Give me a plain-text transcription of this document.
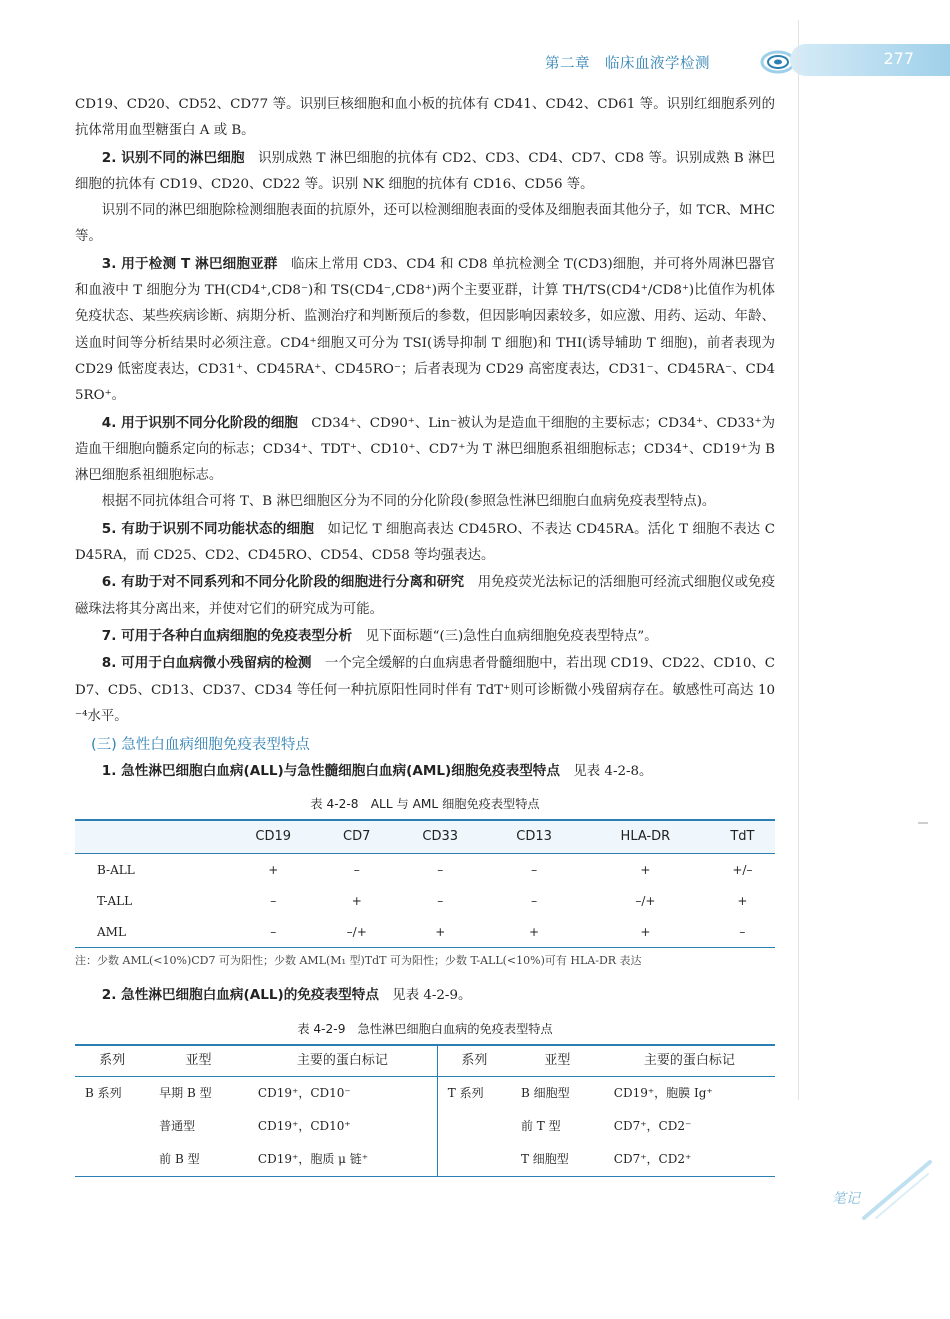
第二章　临床血液学检测	277

CD19、CD20、CD52、CD77 等。识别巨核细胞和血小板的抗体有 CD41、CD42、CD61 等。识别红细胞系列的抗体常用血型糖蛋白 A 或 B。

2. 识别不同的淋巴细胞　识别成熟 T 淋巴细胞的抗体有 CD2、CD3、CD4、CD7、CD8 等。识别成熟 B 淋巴细胞的抗体有 CD19、CD20、CD22 等。识别 NK 细胞的抗体有 CD16、CD56 等。

识别不同的淋巴细胞除检测细胞表面的抗原外，还可以检测细胞表面的受体及细胞表面其他分子，如 TCR、MHC 等。

3. 用于检测 T 淋巴细胞亚群　临床上常用 CD3、CD4 和 CD8 单抗检测全 T(CD3)细胞，并可将外周淋巴器官和血液中 T 细胞分为 TH(CD4⁺,CD8⁻)和 TS(CD4⁻,CD8⁺)两个主要亚群，计算 TH/TS(CD4⁺/CD8⁺)比值作为机体免疫状态、某些疾病诊断、病期分析、监测治疗和判断预后的参数，但因影响因素较多，如应激、用药、运动、年龄、送血时间等分析结果时必须注意。CD4⁺细胞又可分为 TSI(诱导抑制 T 细胞)和 THI(诱导辅助 T 细胞)，前者表现为 CD29 低密度表达，CD31⁺、CD45RA⁺、CD45RO⁻；后者表现为 CD29 高密度表达，CD31⁻、CD45RA⁻、CD45RO⁺。

4. 用于识别不同分化阶段的细胞　CD34⁺、CD90⁺、Lin⁻被认为是造血干细胞的主要标志；CD34⁺、CD33⁺为造血干细胞向髓系定向的标志；CD34⁺、TDT⁺、CD10⁺、CD7⁺为 T 淋巴细胞系祖细胞标志；CD34⁺、CD19⁺为 B 淋巴细胞系祖细胞标志。

根据不同抗体组合可将 T、B 淋巴细胞区分为不同的分化阶段(参照急性淋巴细胞白血病免疫表型特点)。

5. 有助于识别不同功能状态的细胞　如记忆 T 细胞高表达 CD45RO、不表达 CD45RA。活化 T 细胞不表达 CD45RA，而 CD25、CD2、CD45RO、CD54、CD58 等均强表达。

6. 有助于对不同系列和不同分化阶段的细胞进行分离和研究　用免疫荧光法标记的活细胞可经流式细胞仪或免疫磁珠法将其分离出来，并使对它们的研究成为可能。

7. 可用于各种白血病细胞的免疫表型分析　见下面标题“(三)急性白血病细胞免疫表型特点”。

8. 可用于白血病微小残留病的检测　一个完全缓解的白血病患者骨髓细胞中，若出现 CD19、CD22、CD10、CD7、CD5、CD13、CD37、CD34 等任何一种抗原阳性同时伴有 TdT⁺则可诊断微小残留病存在。敏感性可高达 10⁻⁴水平。

(三) 急性白血病细胞免疫表型特点

1. 急性淋巴细胞白血病(ALL)与急性髓细胞白血病(AML)细胞免疫表型特点　见表 4-2-8。

表 4-2-8　ALL 与 AML 细胞免疫表型特点
	CD19	CD7	CD33	CD13	HLA-DR	TdT
B-ALL	+	–	–	–	+	+/–
T-ALL	–	+	–	–	–/+	+
AML	–	–/+	+	+	+	–

注：少数 AML(<10%)CD7 可为阳性；少数 AML(M₁ 型)TdT 可为阳性；少数 T-ALL(<10%)可有 HLA-DR 表达

2. 急性淋巴细胞白血病(ALL)的免疫表型特点　见表 4-2-9。

表 4-2-9　急性淋巴细胞白血病的免疫表型特点
系列	亚型	主要的蛋白标记	系列	亚型	主要的蛋白标记
B 系列	早期 B 型	CD19⁺，CD10⁻	T 系列	B 细胞型	CD19⁺，胞膜 Ig⁺
	普通型	CD19⁺，CD10⁺		前 T 型	CD7⁺，CD2⁻
	前 B 型	CD19⁺，胞质 μ 链⁺		T 细胞型	CD7⁺，CD2⁺
笔记
